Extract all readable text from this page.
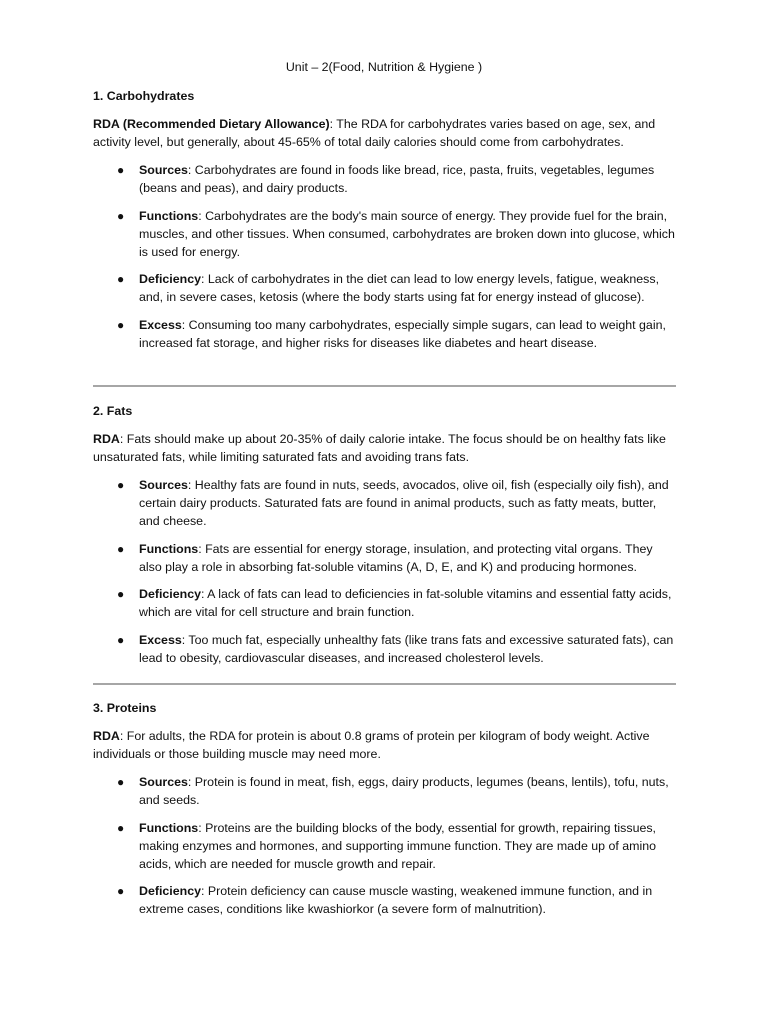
Unit – 2(Food, Nutrition & Hygiene )

1. Carbohydrates

RDA (Recommended Dietary Allowance): The RDA for carbohydrates varies based on age, sex, and activity level, but generally, about 45-65% of total daily calories should come from carbohydrates.

● Sources: Carbohydrates are found in foods like bread, rice, pasta, fruits, vegetables, legumes (beans and peas), and dairy products.
● Functions: Carbohydrates are the body's main source of energy. They provide fuel for the brain, muscles, and other tissues. When consumed, carbohydrates are broken down into glucose, which is used for energy.
● Deficiency: Lack of carbohydrates in the diet can lead to low energy levels, fatigue, weakness, and, in severe cases, ketosis (where the body starts using fat for energy instead of glucose).
● Excess: Consuming too many carbohydrates, especially simple sugars, can lead to weight gain, increased fat storage, and higher risks for diseases like diabetes and heart disease.

2. Fats

RDA: Fats should make up about 20-35% of daily calorie intake. The focus should be on healthy fats like unsaturated fats, while limiting saturated fats and avoiding trans fats.

● Sources: Healthy fats are found in nuts, seeds, avocados, olive oil, fish (especially oily fish), and certain dairy products. Saturated fats are found in animal products, such as fatty meats, butter, and cheese.
● Functions: Fats are essential for energy storage, insulation, and protecting vital organs. They also play a role in absorbing fat-soluble vitamins (A, D, E, and K) and producing hormones.
● Deficiency: A lack of fats can lead to deficiencies in fat-soluble vitamins and essential fatty acids, which are vital for cell structure and brain function.
● Excess: Too much fat, especially unhealthy fats (like trans fats and excessive saturated fats), can lead to obesity, cardiovascular diseases, and increased cholesterol levels.

3. Proteins

RDA: For adults, the RDA for protein is about 0.8 grams of protein per kilogram of body weight. Active individuals or those building muscle may need more.

● Sources: Protein is found in meat, fish, eggs, dairy products, legumes (beans, lentils), tofu, nuts, and seeds.
● Functions: Proteins are the building blocks of the body, essential for growth, repairing tissues, making enzymes and hormones, and supporting immune function. They are made up of amino acids, which are needed for muscle growth and repair.
● Deficiency: Protein deficiency can cause muscle wasting, weakened immune function, and in extreme cases, conditions like kwashiorkor (a severe form of malnutrition).
